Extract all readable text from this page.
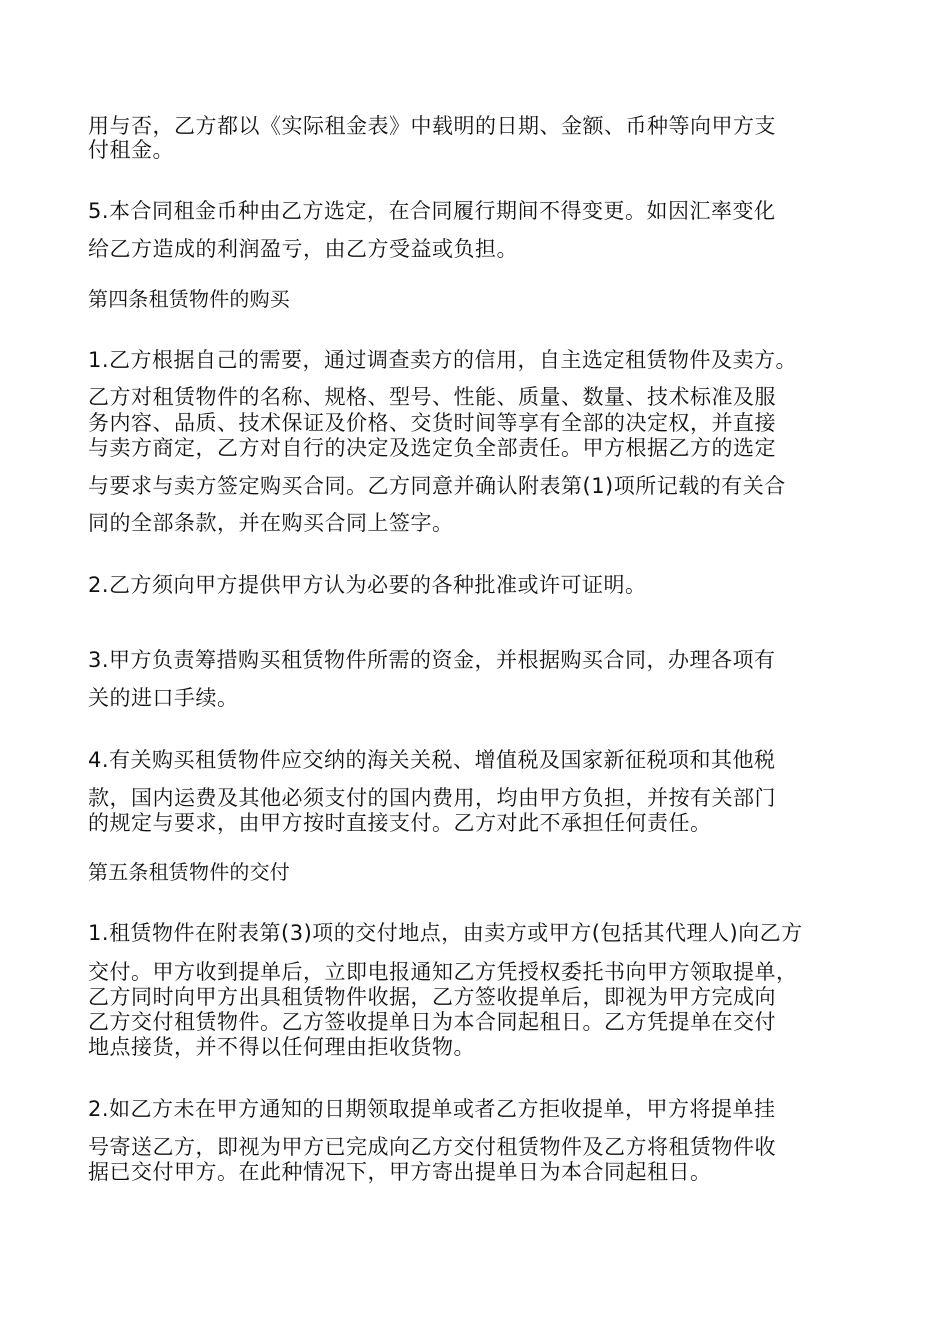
用与否，乙方都以《实际租金表》中载明的日期、金额、币种等向甲方支

付租金。

5.本合同租金币种由乙方选定，在合同履行期间不得变更。如因汇率变化

给乙方造成的利润盈亏，由乙方受益或负担。

第四条租赁物件的购买

1.乙方根据自己的需要，通过调查卖方的信用，自主选定租赁物件及卖方。

乙方对租赁物件的名称、规格、型号、性能、质量、数量、技术标准及服

务内容、品质、技术保证及价格、交货时间等享有全部的决定权，并直接

与卖方商定，乙方对自行的决定及选定负全部责任。甲方根据乙方的选定

与要求与卖方签定购买合同。乙方同意并确认附表第(1)项所记载的有关合

同的全部条款，并在购买合同上签字。

2.乙方须向甲方提供甲方认为必要的各种批准或许可证明。

3.甲方负责筹措购买租赁物件所需的资金，并根据购买合同，办理各项有

关的进口手续。

4.有关购买租赁物件应交纳的海关关税、增值税及国家新征税项和其他税

款，国内运费及其他必须支付的国内费用，均由甲方负担，并按有关部门

的规定与要求，由甲方按时直接支付。乙方对此不承担任何责任。

第五条租赁物件的交付

1.租赁物件在附表第(3)项的交付地点，由卖方或甲方(包括其代理人)向乙方

交付。甲方收到提单后，立即电报通知乙方凭授权委托书向甲方领取提单，

乙方同时向甲方出具租赁物件收据，乙方签收提单后，即视为甲方完成向

乙方交付租赁物件。乙方签收提单日为本合同起租日。乙方凭提单在交付

地点接货，并不得以任何理由拒收货物。

2.如乙方未在甲方通知的日期领取提单或者乙方拒收提单，甲方将提单挂

号寄送乙方，即视为甲方已完成向乙方交付租赁物件及乙方将租赁物件收

据已交付甲方。在此种情况下，甲方寄出提单日为本合同起租日。
